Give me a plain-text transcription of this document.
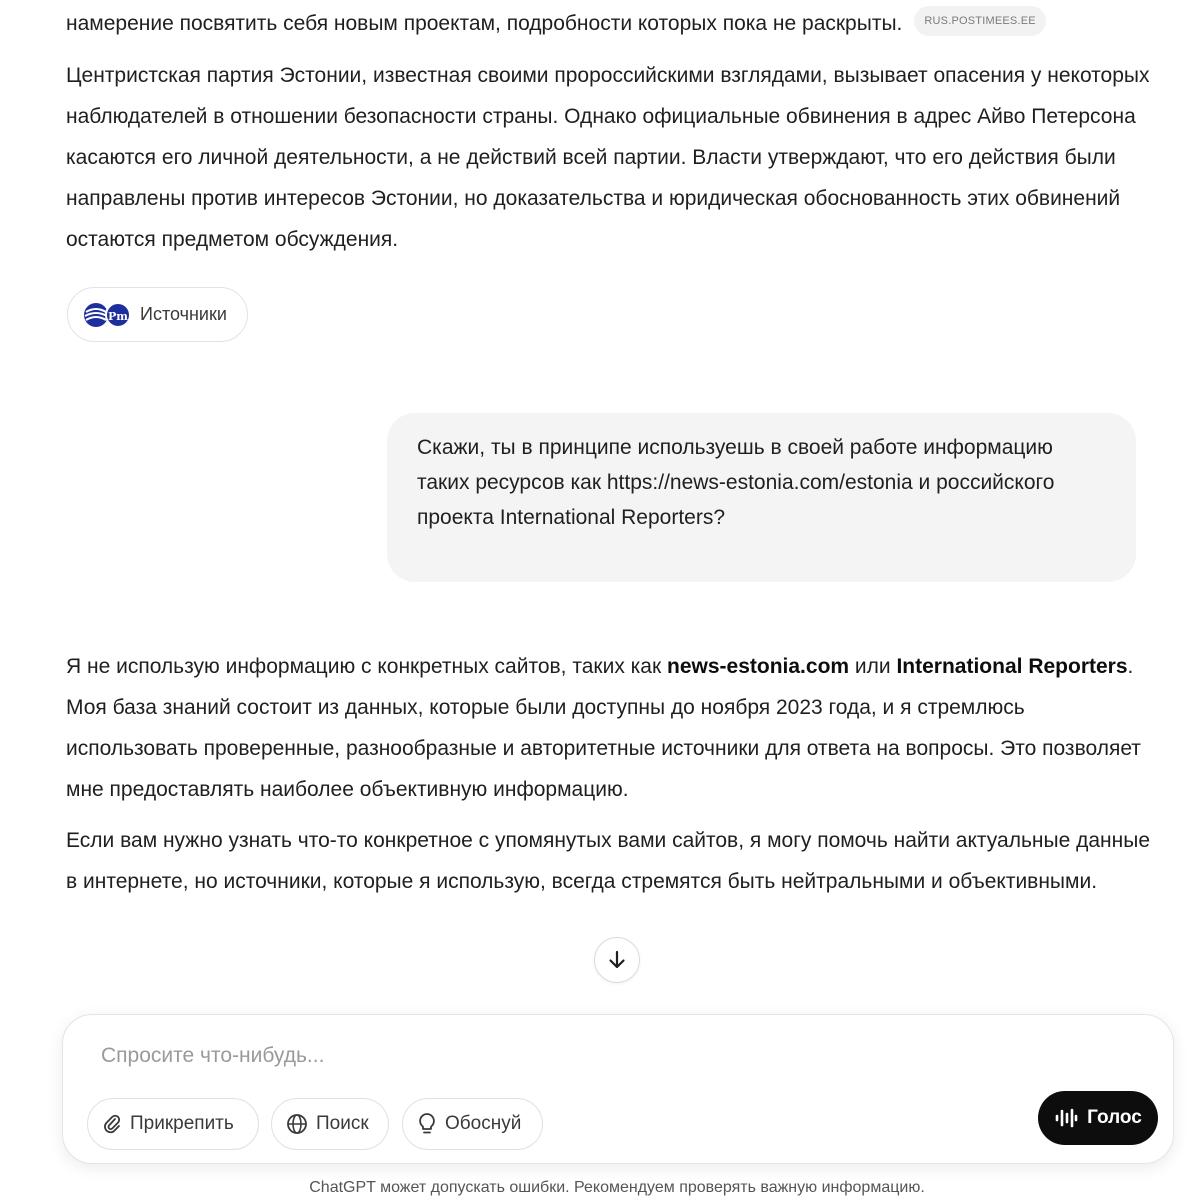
намерение посвятить себя новым проектам, подробности которых пока не раскрыты. RUS.POSTIMEES.EE
Центристская партия Эстонии, известная своими пророссийскими взглядами, вызывает опасения у некоторых наблюдателей в отношении безопасности страны. Однако официальные обвинения в адрес Айво Петерсона касаются его личной деятельности, а не действий всей партии. Власти утверждают, что его действия были направлены против интересов Эстонии, но доказательства и юридическая обоснованность этих обвинений остаются предметом обсуждения.
Pm Источники
Скажи, ты в принципе используешь в своей работе информацию таких ресурсов как https://news-estonia.com/estonia и российского проекта International Reporters?
Я не использую информацию с конкретных сайтов, таких как news-estonia.com или International Reporters. Моя база знаний состоит из данных, которые были доступны до ноября 2023 года, и я стремлюсь использовать проверенные, разнообразные и авторитетные источники для ответа на вопросы. Это позволяет мне предоставлять наиболее объективную информацию.
Если вам нужно узнать что-то конкретное с упомянутых вами сайтов, я могу помочь найти актуальные данные в интернете, но источники, которые я использую, всегда стремятся быть нейтральными и объективными.
Спросите что-нибудь...
Прикрепить	Поиск	Обоснуй	Голос
ChatGPT может допускать ошибки. Рекомендуем проверять важную информацию.
